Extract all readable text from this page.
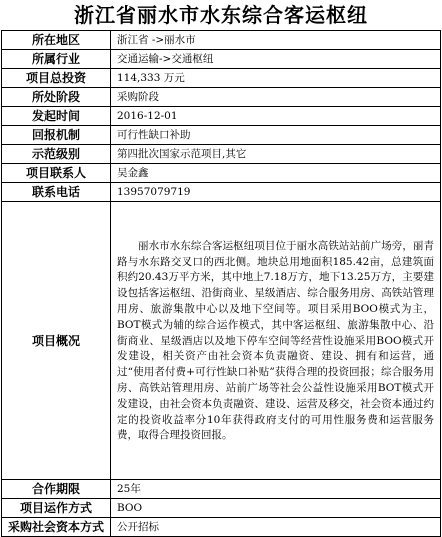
浙江省丽水市水东综合客运枢纽
所在地区	浙江省 ->丽水市
所属行业	交通运输->交通枢纽
项目总投资	114,333 万元
所处阶段	采购阶段
发起时间	2016-12-01
回报机制	可行性缺口补助
示范级别	第四批次国家示范项目,其它
项目联系人	吴金鑫
联系电话	13957079719
项目概况	丽水市水东综合客运枢纽项目位于丽水高铁站站前广场旁，丽青路与水东路交叉口的西北侧。地块总用地面积185.42亩，总建筑面积约20.43万平方米，其中地上7.18万方，地下13.25万方，主要建设包括客运枢纽、沿街商业、星级酒店、综合服务用房、高铁站管理用房、旅游集散中心以及地下空间等。项目采用BOO模式为主，BOT模式为辅的综合运作模式，其中客运枢纽、旅游集散中心、沿街商业、星级酒店以及地下停车空间等经营性设施采用BOO模式开发建设，相关资产由社会资本负责融资、建设、拥有和运营，通过“使用者付费+可行性缺口补贴”获得合理的投资回报；综合服务用房、高铁站管理用房、站前广场等社会公益性设施采用BOT模式开发建设，由社会资本负责融资、建设、运营及移交，社会资本通过约定的投资收益率分10年获得政府支付的可用性服务费和运营服务费，取得合理投资回报。

合作期限	25年
项目运作方式	BOO
采购社会资本方式	公开招标
